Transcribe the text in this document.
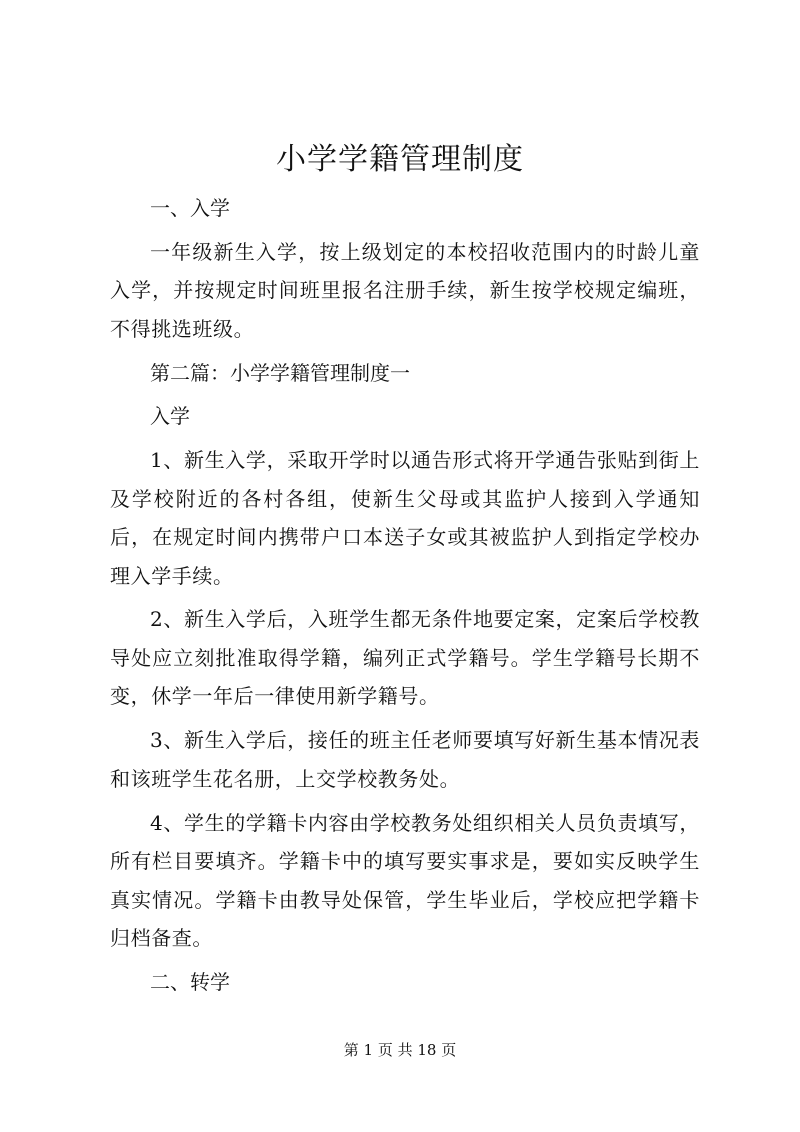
小学学籍管理制度

一、入学

一年级新生入学，按上级划定的本校招收范围内的时龄儿童入学，并按规定时间班里报名注册手续，新生按学校规定编班，不得挑选班级。

第二篇：小学学籍管理制度一

入学

1、新生入学，采取开学时以通告形式将开学通告张贴到街上及学校附近的各村各组，使新生父母或其监护人接到入学通知后，在规定时间内携带户口本送子女或其被监护人到指定学校办理入学手续。

2、新生入学后，入班学生都无条件地要定案，定案后学校教导处应立刻批准取得学籍，编列正式学籍号。学生学籍号长期不变，休学一年后一律使用新学籍号。

3、新生入学后，接任的班主任老师要填写好新生基本情况表和该班学生花名册，上交学校教务处。

4、学生的学籍卡内容由学校教务处组织相关人员负责填写，所有栏目要填齐。学籍卡中的填写要实事求是，要如实反映学生真实情况。学籍卡由教导处保管，学生毕业后，学校应把学籍卡归档备查。

二、转学

第 1 页 共 18 页
